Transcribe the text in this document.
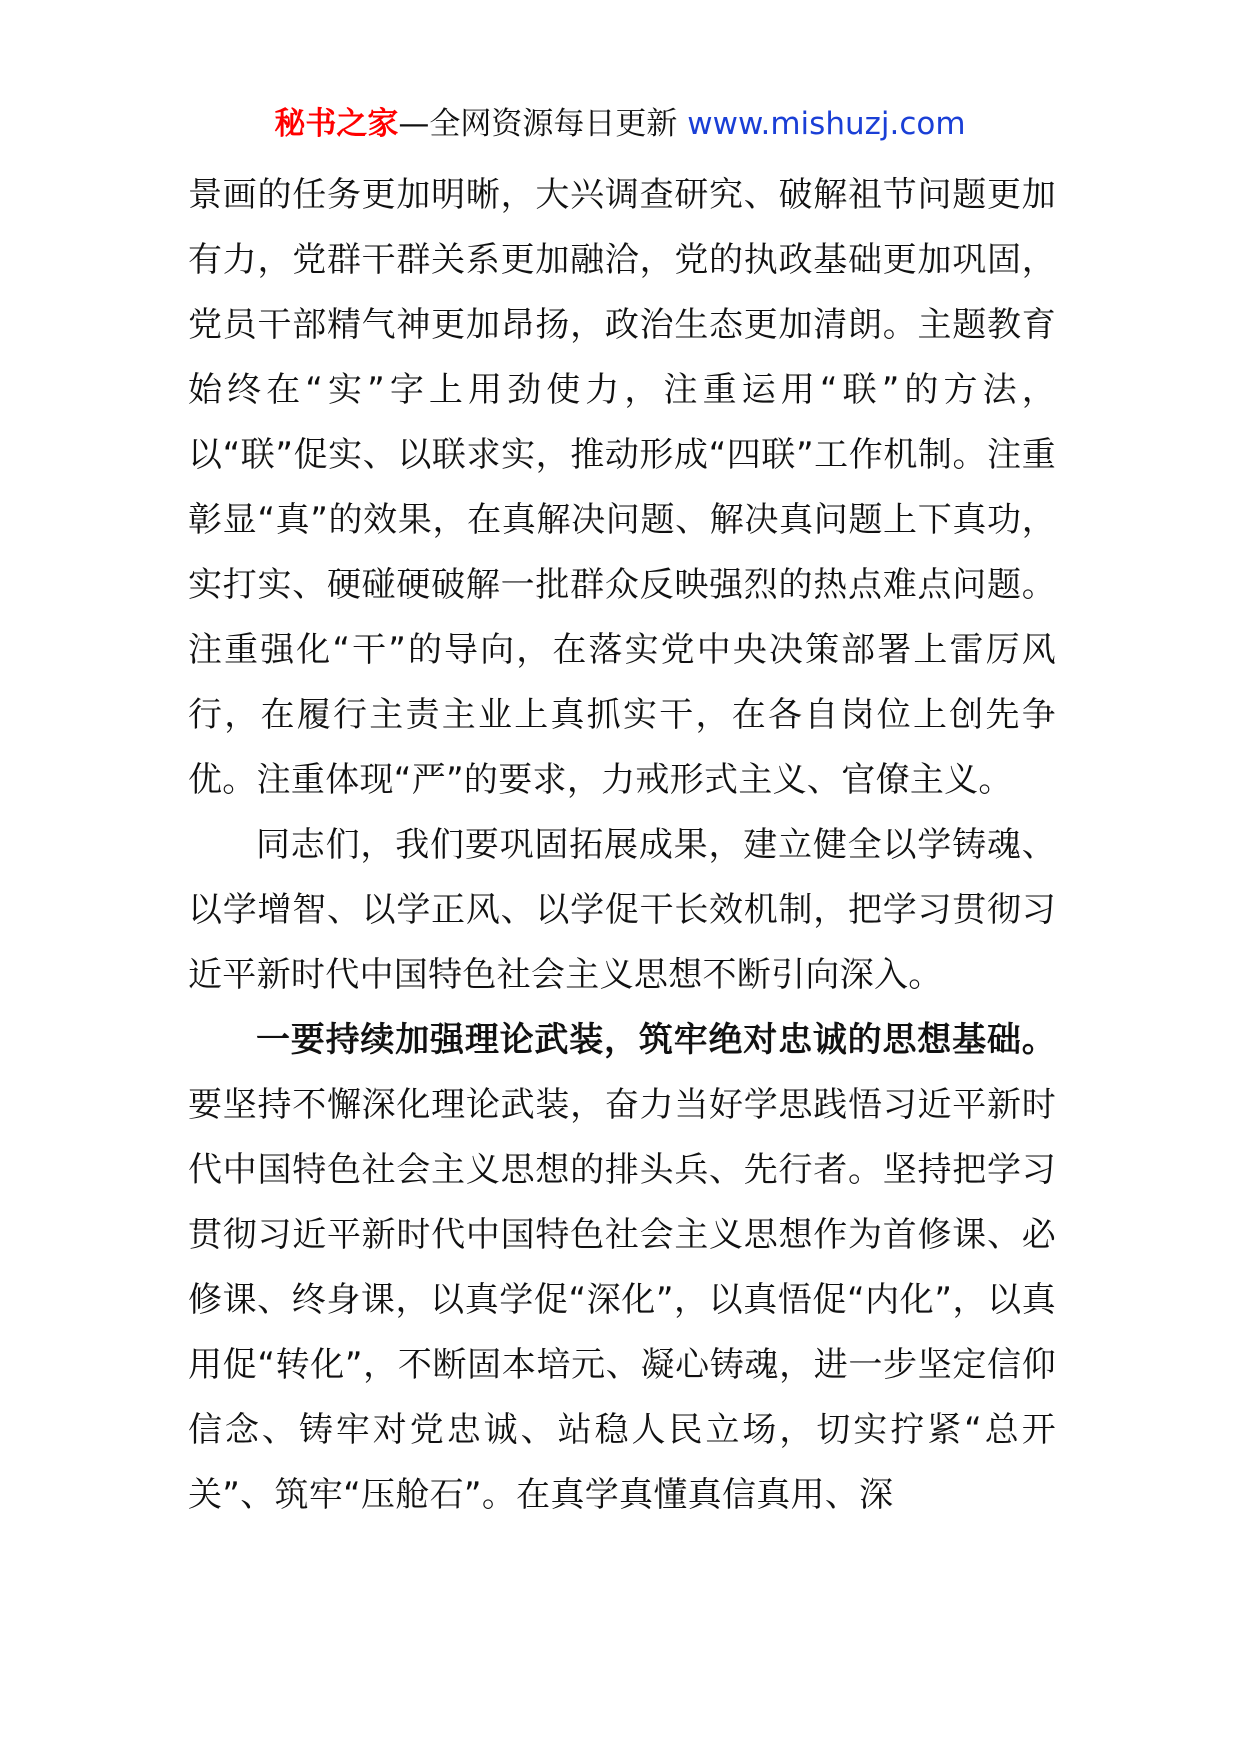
秘书之家—全网资源每日更新 www.mishuzj.com

景画的任务更加明晰，大兴调查研究、破解祖节问题更加有力，党群干群关系更加融洽，党的执政基础更加巩固，党员干部精气神更加昂扬，政治生态更加清朗。主题教育始终在“实”字上用劲使力，注重运用“联”的方法，以“联”促实、以联求实，推动形成“四联”工作机制。注重彰显“真”的效果，在真解决问题、解决真问题上下真功，实打实、硬碰硬破解一批群众反映强烈的热点难点问题。注重强化“干”的导向，在落实党中央决策部署上雷厉风行，在履行主责主业上真抓实干，在各自岗位上创先争优。注重体现“严”的要求，力戒形式主义、官僚主义。

同志们，我们要巩固拓展成果，建立健全以学铸魂、以学增智、以学正风、以学促干长效机制，把学习贯彻习近平新时代中国特色社会主义思想不断引向深入。

一要持续加强理论武装，筑牢绝对忠诚的思想基础。要坚持不懈深化理论武装，奋力当好学思践悟习近平新时代中国特色社会主义思想的排头兵、先行者。坚持把学习贯彻习近平新时代中国特色社会主义思想作为首修课、必修课、终身课，以真学促“深化”，以真悟促“内化”，以真用促“转化”，不断固本培元、凝心铸魂，进一步坚定信仰信念、铸牢对党忠诚、站稳人民立场，切实拧紧“总开关”、筑牢“压舱石”。在真学真懂真信真用、深
